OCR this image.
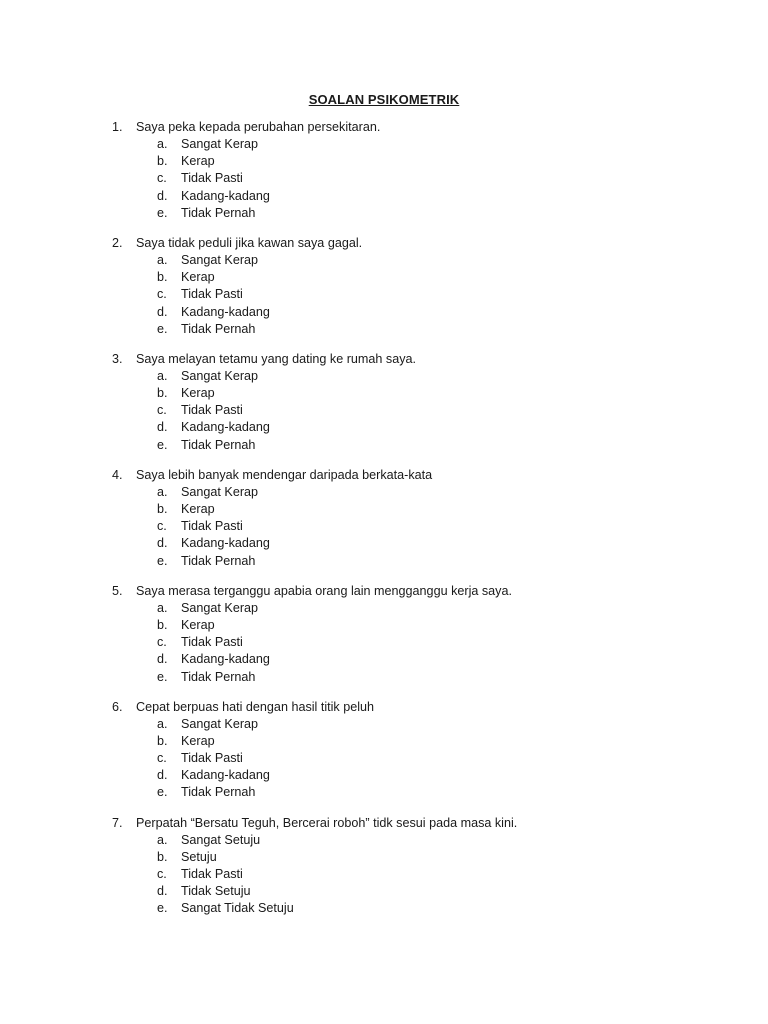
SOALAN PSIKOMETRIK
1. Saya peka kepada perubahan persekitaran.
a. Sangat Kerap
b. Kerap
c. Tidak Pasti
d. Kadang-kadang
e. Tidak Pernah
2. Saya tidak peduli jika kawan saya gagal.
a. Sangat Kerap
b. Kerap
c. Tidak Pasti
d. Kadang-kadang
e. Tidak Pernah
3. Saya melayan tetamu yang dating ke rumah saya.
a. Sangat Kerap
b. Kerap
c. Tidak Pasti
d. Kadang-kadang
e. Tidak Pernah
4. Saya lebih banyak mendengar daripada berkata-kata
a. Sangat Kerap
b. Kerap
c. Tidak Pasti
d. Kadang-kadang
e. Tidak Pernah
5. Saya merasa terganggu apabia orang lain mengganggu kerja saya.
a. Sangat Kerap
b. Kerap
c. Tidak Pasti
d. Kadang-kadang
e. Tidak Pernah
6. Cepat berpuas hati dengan hasil titik peluh
a. Sangat Kerap
b. Kerap
c. Tidak Pasti
d. Kadang-kadang
e. Tidak Pernah
7. Perpatah “Bersatu Teguh, Bercerai roboh” tidk sesui pada masa kini.
a. Sangat Setuju
b. Setuju
c. Tidak Pasti
d. Tidak Setuju
e. Sangat Tidak Setuju
